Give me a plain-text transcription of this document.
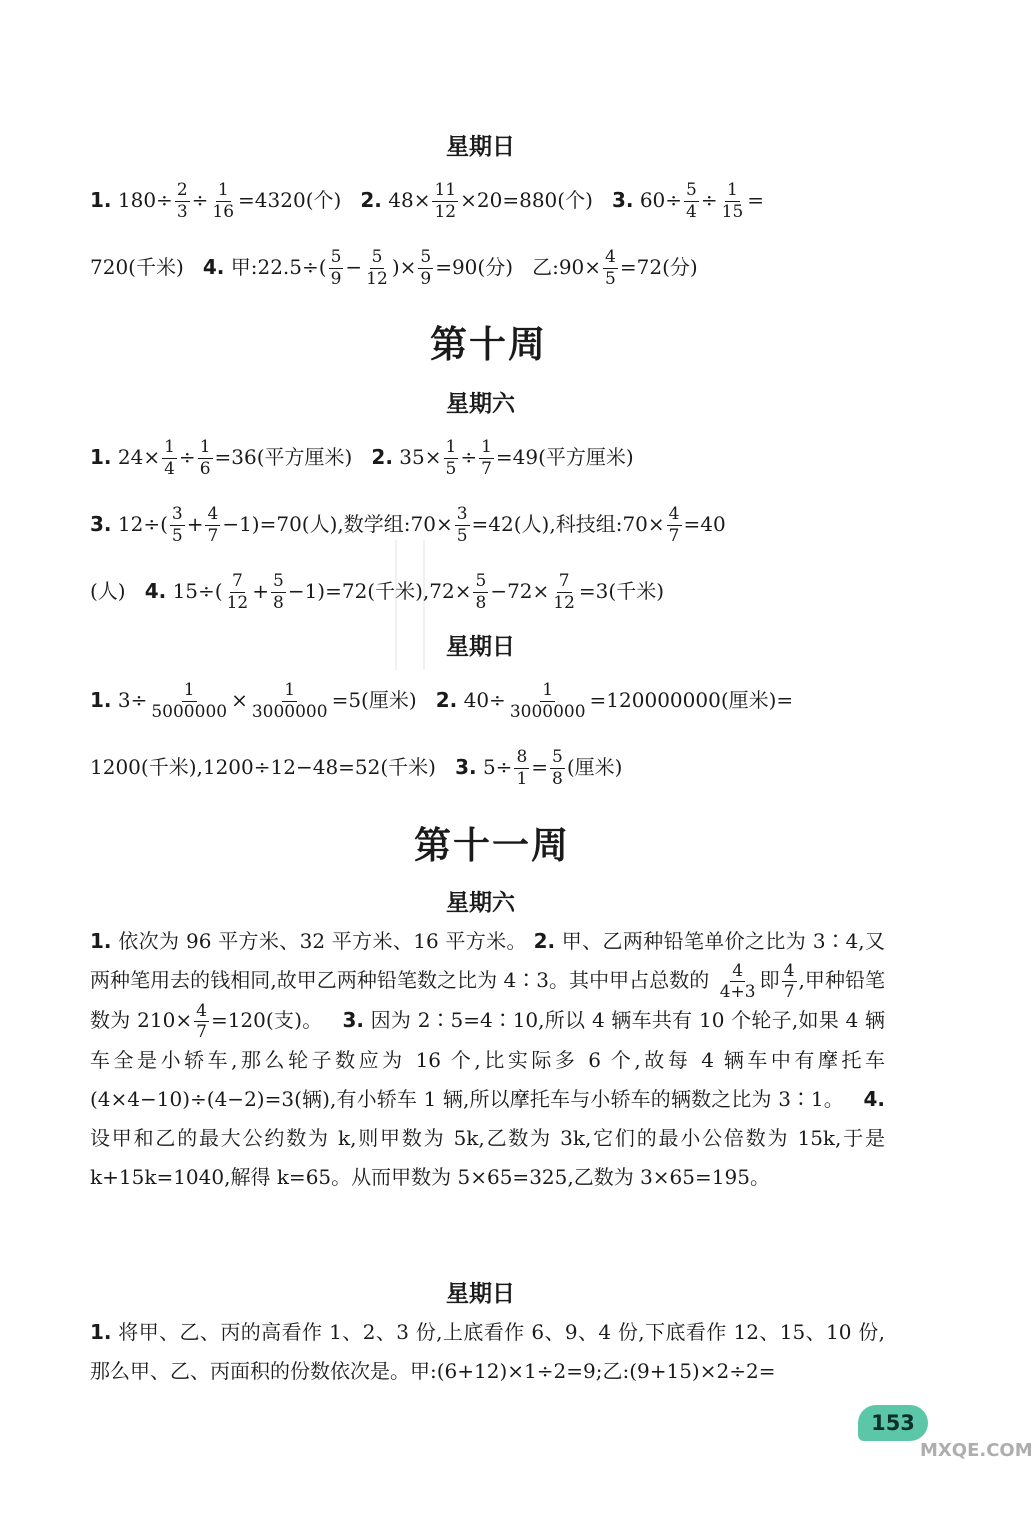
星期日
1. $180\div \frac{2}{3} \div \frac{1}{16} =4320$(个) 2. $48\times \frac{11}{12} \times 20=880$(个) 3. $60\div \frac{5}{4} \div \frac{1}{15}$ =
720(千米) 4. 甲:22.5÷( $\frac{5}{9} - \frac{5}{12}$ )× $\frac{5}{9} =90$(分) 乙:90× $\frac{4}{5} =72$(分)
第十周
星期六
1. $24\times \frac{1}{4} \div \frac{1}{6} =36$(平方厘米) 2. $35\times \frac{1}{5} \div \frac{1}{7} =49$(平方厘米)
3. $12\div( \frac{3}{5} + \frac{4}{7} -1)=70$(人),数学组:70× $\frac{3}{5} =42$(人),科技组:70× $\frac{4}{7} =40$
(人) 4. $15\div( \frac{7}{12} + \frac{5}{8} -1)=72$(千米)$,72\times \frac{5}{8} -72\times \frac{7}{12} =3$(千米)
星期日
1. $3\div \frac{1}{5000000} \times \frac{1}{3000000} =5$(厘米) 2. $40\div \frac{1}{3000000} =120000000$(厘米)=
1200(千米),1200÷12−48=52(千米) 3. $5\div \frac{8}{1} = \frac{5}{8}$ (厘米)
第十一周
星期六
1. 依次为 96 平方米、32 平方米、16 平方米。 2. 甲、乙两种铅笔单价之比为 3∶4,又两种笔用去的钱相同,故甲乙两种铅笔数之比为 4∶3。其中甲占总数的 $\frac{4}{4+3}$ 即 $\frac{4}{7}$ ,甲种铅笔数为 $210\times \frac{4}{7} =120$(支)。 3. 因为 2∶5=4∶10,所以 4 辆车共有 10 个轮子,如果 4 辆车全是小轿车,那么轮子数应为 16 个,比实际多 6 个,故每 4 辆车中有摩托车(4×4−10)÷(4−2)=3(辆),有小轿车 1 辆,所以摩托车与小轿车的辆数之比为 3∶1。 4. 设甲和乙的最大公约数为 k,则甲数为 5k,乙数为 3k,它们的最小公倍数为 15k,于是 k+15k=1040,解得 k=65。从而甲数为 5×65=325,乙数为 3×65=195。
星期日
1. 将甲、乙、丙的高看作 1、2、3 份,上底看作 6、9、4 份,下底看作 12、15、10 份,那么甲、乙、丙面积的份数依次是。甲:(6+12)×1÷2=9;乙:(9+15)×2÷2=
153
MXQE.COM
